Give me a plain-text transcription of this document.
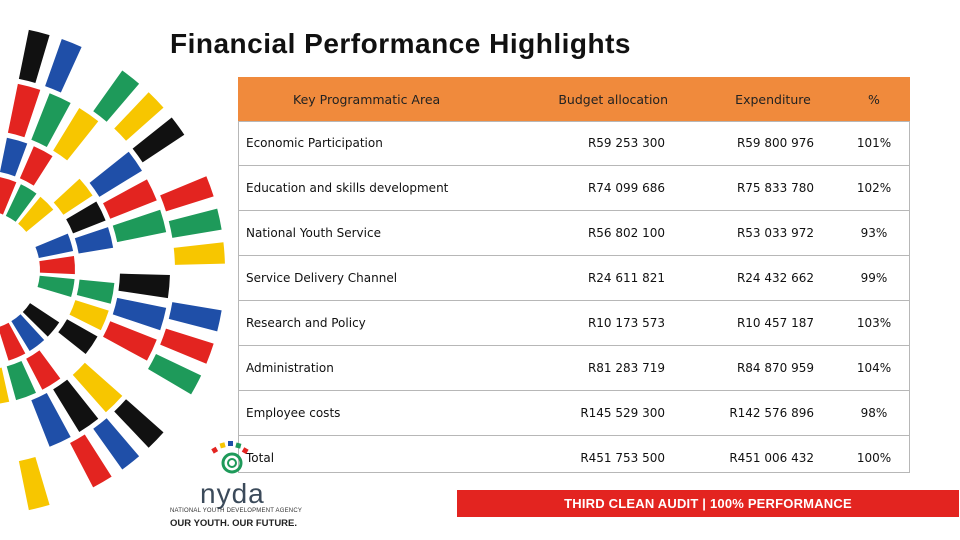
Financial Performance Highlights
Key Programmatic Area	Budget allocation	Expenditure	%
Economic Participation	R59 253 300	R59 800 976	101%
Education and skills development	R74 099 686	R75 833 780	102%
National Youth Service	R56 802 100	R53 033 972	93%
Service Delivery Channel	R24 611 821	R24 432 662	99%
Research and Policy	R10 173 573	R10 457 187	103%
Administration	R81 283 719	R84 870 959	104%
Employee costs	R145 529 300	R142 576 896	98%
Total	R451 753 500	R451 006 432	100%
nyda
NATIONAL YOUTH DEVELOPMENT AGENCY
OUR YOUTH. OUR FUTURE.
THIRD CLEAN AUDIT | 100% PERFORMANCE
